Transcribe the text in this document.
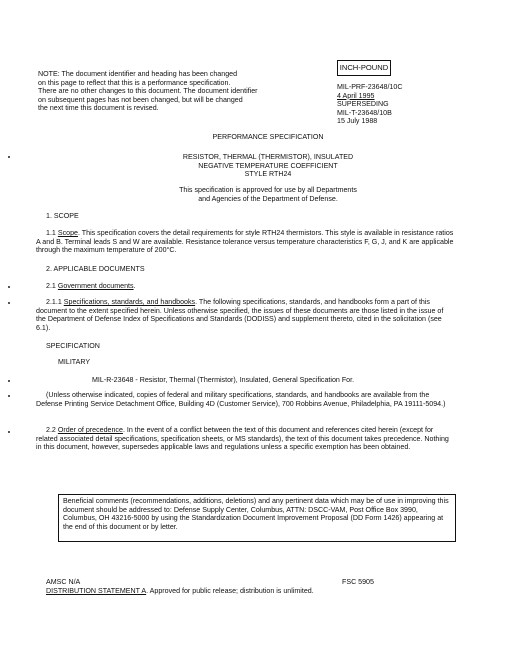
NOTE: The document identifier and heading has been changed
on this page to reflect that this is a performance specification.
There are no other changes to this document. The document identifier
on subsequent pages has not been changed, but will be changed
the next time this document is revised.
INCH-POUND
MIL-PRF-23648/10C
4 April 1995
SUPERSEDING
MIL-T-23648/10B
15 July 1988
PERFORMANCE SPECIFICATION
RESISTOR, THERMAL (THERMISTOR), INSULATED
NEGATIVE TEMPERATURE COEFFICIENT
STYLE RTH24
This specification is approved for use by all Departments
and Agencies of the Department of Defense.
1. SCOPE
1.1 Scope. This specification covers the detail requirements for style RTH24 thermistors. This style is available in resistance ratios A and B. Terminal leads S and W are available. Resistance tolerance versus temperature characteristics F, G, J, and K are applicable through the maximum temperature of 200°C.
2. APPLICABLE DOCUMENTS
2.1 Government documents.
2.1.1 Specifications, standards, and handbooks. The following specifications, standards, and handbooks form a part of this document to the extent specified herein. Unless otherwise specified, the issues of these documents are those listed in the issue of the Department of Defense Index of Specifications and Standards (DODISS) and supplement thereto, cited in the solicitation (see 6.1).
SPECIFICATION
MILITARY
MIL-R-23648 - Resistor, Thermal (Thermistor), Insulated, General Specification For.
(Unless otherwise indicated, copies of federal and military specifications, standards, and handbooks are available from the Defense Printing Service Detachment Office, Building 4D (Customer Service), 700 Robbins Avenue, Philadelphia, PA 19111-5094.)
2.2 Order of precedence. In the event of a conflict between the text of this document and references cited herein (except for related associated detail specifications, specification sheets, or MS standards), the text of this document takes precedence. Nothing in this document, however, supersedes applicable laws and regulations unless a specific exemption has been obtained.
Beneficial comments (recommendations, additions, deletions) and any pertinent data which may be of use in improving this document should be addressed to: Defense Supply Center, Columbus, ATTN: DSCC-VAM, Post Office Box 3990, Columbus, OH 43216-5000 by using the Standardization Document Improvement Proposal (DD Form 1426) appearing at the end of this document or by letter.
AMSC N/A	FSC 5905
DISTRIBUTION STATEMENT A. Approved for public release; distribution is unlimited.
